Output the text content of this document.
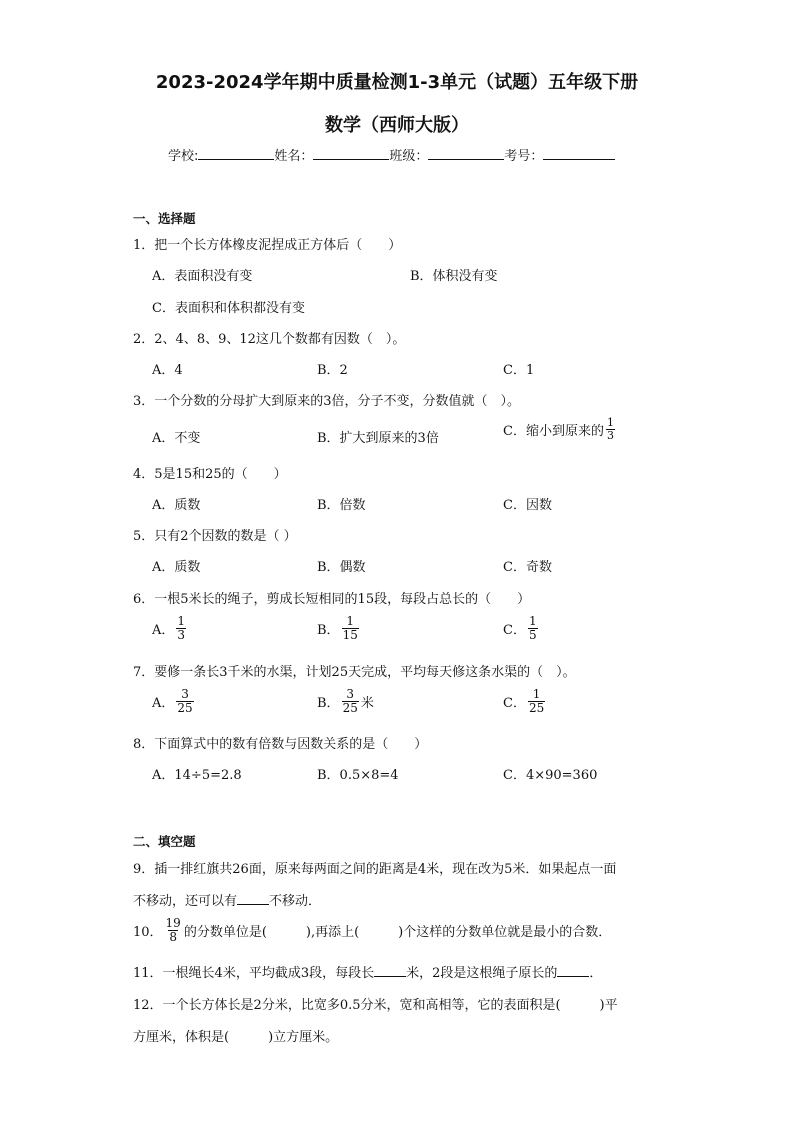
2023-2024学年期中质量检测1-3单元（试题）五年级下册
数学（西师大版）
学校:	姓名：	班级：	考号：
一、选择题
1．把一个长方体橡皮泥捏成正方体后（　　）
A．表面积没有变	B．体积没有变
C．表面积和体积都没有变
2．2、4、8、9、12这几个数都有因数（　）。
A．4	B．2	C．1
3．一个分数的分母扩大到原来的3倍，分子不变，分数值就（　）。
A．不变	B．扩大到原来的3倍	C．缩小到原来的 $\frac{1}{3}$
4．5是15和25的（　　）
A．质数	B．倍数	C．因数
5．只有2个因数的数是（ ）
A．质数	B．偶数	C．奇数
6．一根5米长的绳子，剪成长短相同的15段，每段占总长的（　　）
A． $\frac{1}{3}$	B． $\frac{1}{15}$	C． $\frac{1}{5}$
7．要修一条长3千米的水渠，计划25天完成，平均每天修这条水渠的（　）。
A． $\frac{3}{25}$	B． $\frac{3}{25}$ 米	C． $\frac{1}{25}$
8．下面算式中的数有倍数与因数关系的是（　　）
A．14÷5=2.8	B．0.5×8=4	C．4×90=360
二、填空题
9．插一排红旗共26面，原来每两面之间的距离是4米，现在改为5米．如果起点一面
不移动，还可以有 不移动．
10． $\frac{19}{8}$ 的分数单位是(　　　),再添上(　　　)个这样的分数单位就是最小的合数．
11．一根绳长4米，平均截成3段，每段长 米，2段是这根绳子原长的 ．
12．一个长方体长是2分米，比宽多0.5分米，宽和高相等，它的表面积是(　　　)平
方厘米，体积是(　　　)立方厘米。
